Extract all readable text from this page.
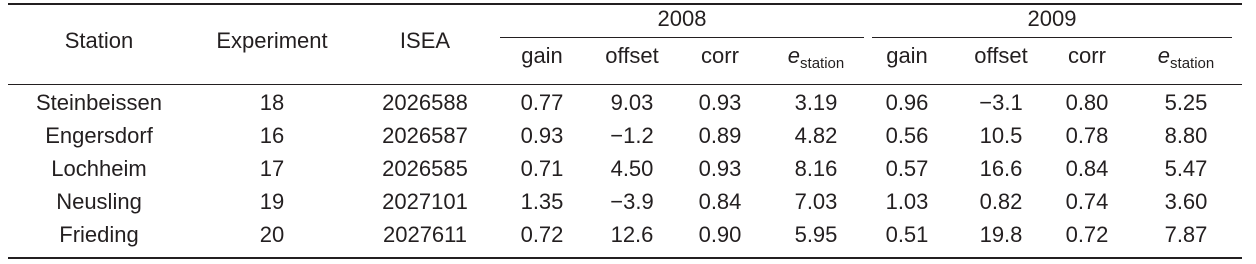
Station	Experiment	ISEA
2008
gain offset corr $e_{station}$
2009
gain offset corr $e_{station}$
Steinbeissen	18	2026588 0.77 9.03 0.93 3.19 0.96 −3.1 0.80	5.25
Engersdorf	16	2026587 0.93 −1.2 0.89 4.82 0.56 10.5 0.78	8.80
Lochheim	17	2026585 0.71 4.50 0.93 8.16 0.57 16.6 0.84	5.47
Neusling	19	2027101 1.35 −3.9 0.84 7.03 1.03 0.82 0.74	3.60
Frieding	20	2027611 0.72 12.6 0.90 5.95 0.51 19.8 0.72	7.87
